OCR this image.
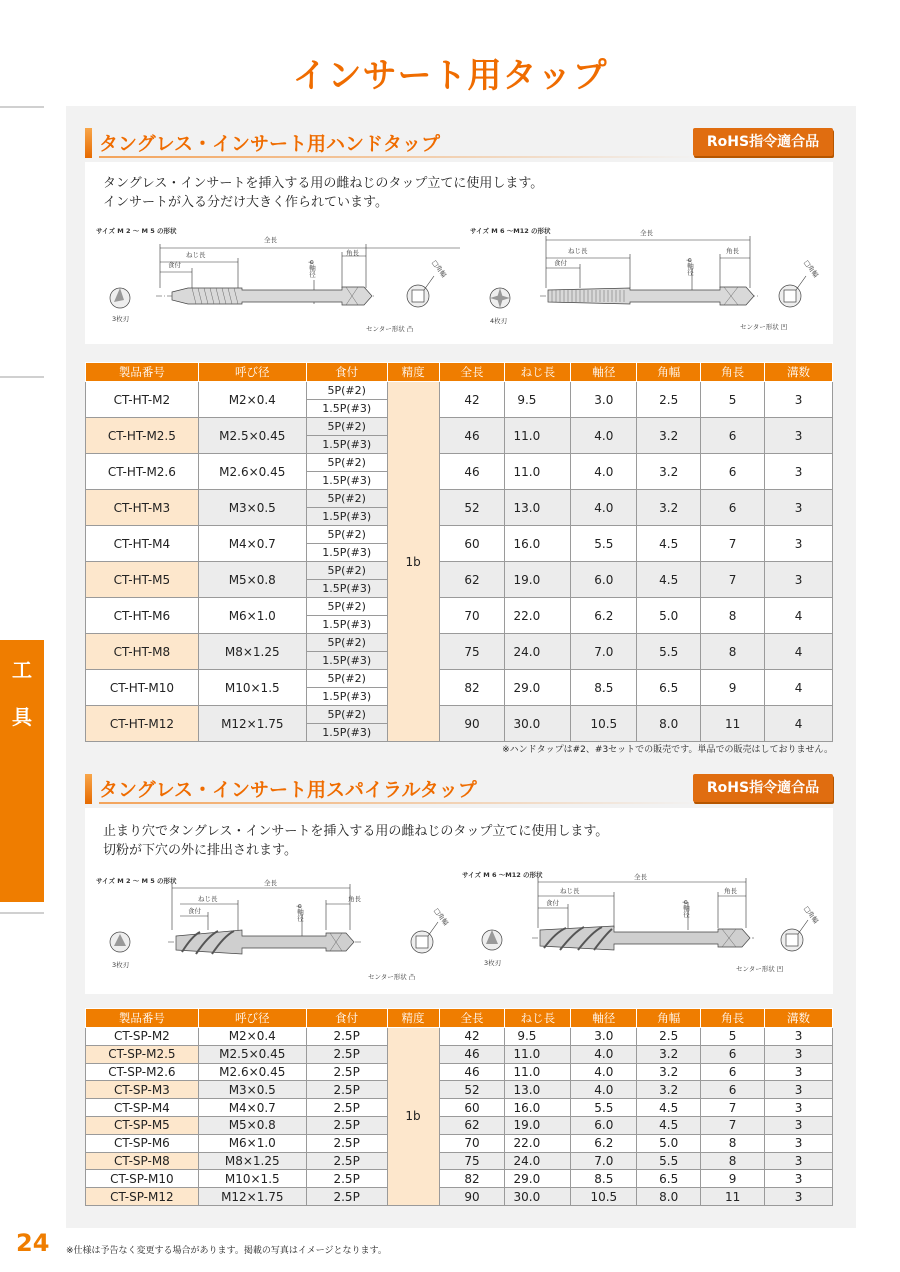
インサート用タップ
工
具
タングレス・インサート用ハンドタップ	RoHS指令適合品

タングレス・インサートを挿入する用の雌ねじのタップ立てに使用します。

インサートが入る分だけ大きく作られています。

サイズ M 2 ～ M 5 の形状
全長
ねじ長
食付
角長
φ軸径	□角幅
3枚刃
センター形状 凸
サイズ M 6 ～M12 の形状	全長
ねじ長
食付
角長
φ軸径	□角幅
4枚刃
センター形状 凹
製品番号	呼び径	食付	精度	全長	ねじ長	軸径	角幅	角長	溝数
CT-HT-M2	M2×0.4	5P(#2)	1b	42	9.5	3.0	2.5	5	3
		1.5P(#3)							
CT-HT-M2.5	M2.5×0.45	5P(#2)		46	11.0	4.0	3.2	6	3
		1.5P(#3)							
CT-HT-M2.6	M2.6×0.45	5P(#2)		46	11.0	4.0	3.2	6	3
		1.5P(#3)							
CT-HT-M3	M3×0.5	5P(#2)		52	13.0	4.0	3.2	6	3
		1.5P(#3)							
CT-HT-M4	M4×0.7	5P(#2)		60	16.0	5.5	4.5	7	3
		1.5P(#3)							
CT-HT-M5	M5×0.8	5P(#2)		62	19.0	6.0	4.5	7	3
		1.5P(#3)							
CT-HT-M6	M6×1.0	5P(#2)		70	22.0	6.2	5.0	8	4
		1.5P(#3)							
CT-HT-M8	M8×1.25	5P(#2)		75	24.0	7.0	5.5	8	4
		1.5P(#3)							
CT-HT-M10	M10×1.5	5P(#2)		82	29.0	8.5	6.5	9	4
		1.5P(#3)							
CT-HT-M12	M12×1.75	5P(#2)		90	30.0	10.5	8.0	11	4
		1.5P(#3)							
※ハンドタップは#2、#3セットでの販売です。単品での販売はしておりません。
タングレス・インサート用スパイラルタップ	RoHS指令適合品

止まり穴でタングレス・インサートを挿入する用の雌ねじのタップ立てに使用します。

切粉が下穴の外に排出されます。

サイズ M 2 ～ M 5 の形状	全長
ねじ長
食付
角長
φ軸径	□角幅
3枚刃
センター形状 凸
サイズ M 6 ～M12 の形状	全長
ねじ長
食付
角長
φ軸径	□角幅
3枚刃
センター形状 凹
製品番号	呼び径	食付	精度	全長	ねじ長	軸径	角幅	角長	溝数
CT-SP-M2	M2×0.4	2.5P	1b	42	9.5	3.0	2.5	5	3
CT-SP-M2.5	M2.5×0.45	2.5P		46	11.0	4.0	3.2	6	3
CT-SP-M2.6	M2.6×0.45	2.5P		46	11.0	4.0	3.2	6	3
CT-SP-M3	M3×0.5	2.5P		52	13.0	4.0	3.2	6	3
CT-SP-M4	M4×0.7	2.5P		60	16.0	5.5	4.5	7	3
CT-SP-M5	M5×0.8	2.5P		62	19.0	6.0	4.5	7	3
CT-SP-M6	M6×1.0	2.5P		70	22.0	6.2	5.0	8	3
CT-SP-M8	M8×1.25	2.5P		75	24.0	7.0	5.5	8	3
CT-SP-M10	M10×1.5	2.5P		82	29.0	8.5	6.5	9	3
CT-SP-M12	M12×1.75	2.5P		90	30.0	10.5	8.0	11	3
24 ※仕様は予告なく変更する場合があります。掲載の写真はイメージとなります。
